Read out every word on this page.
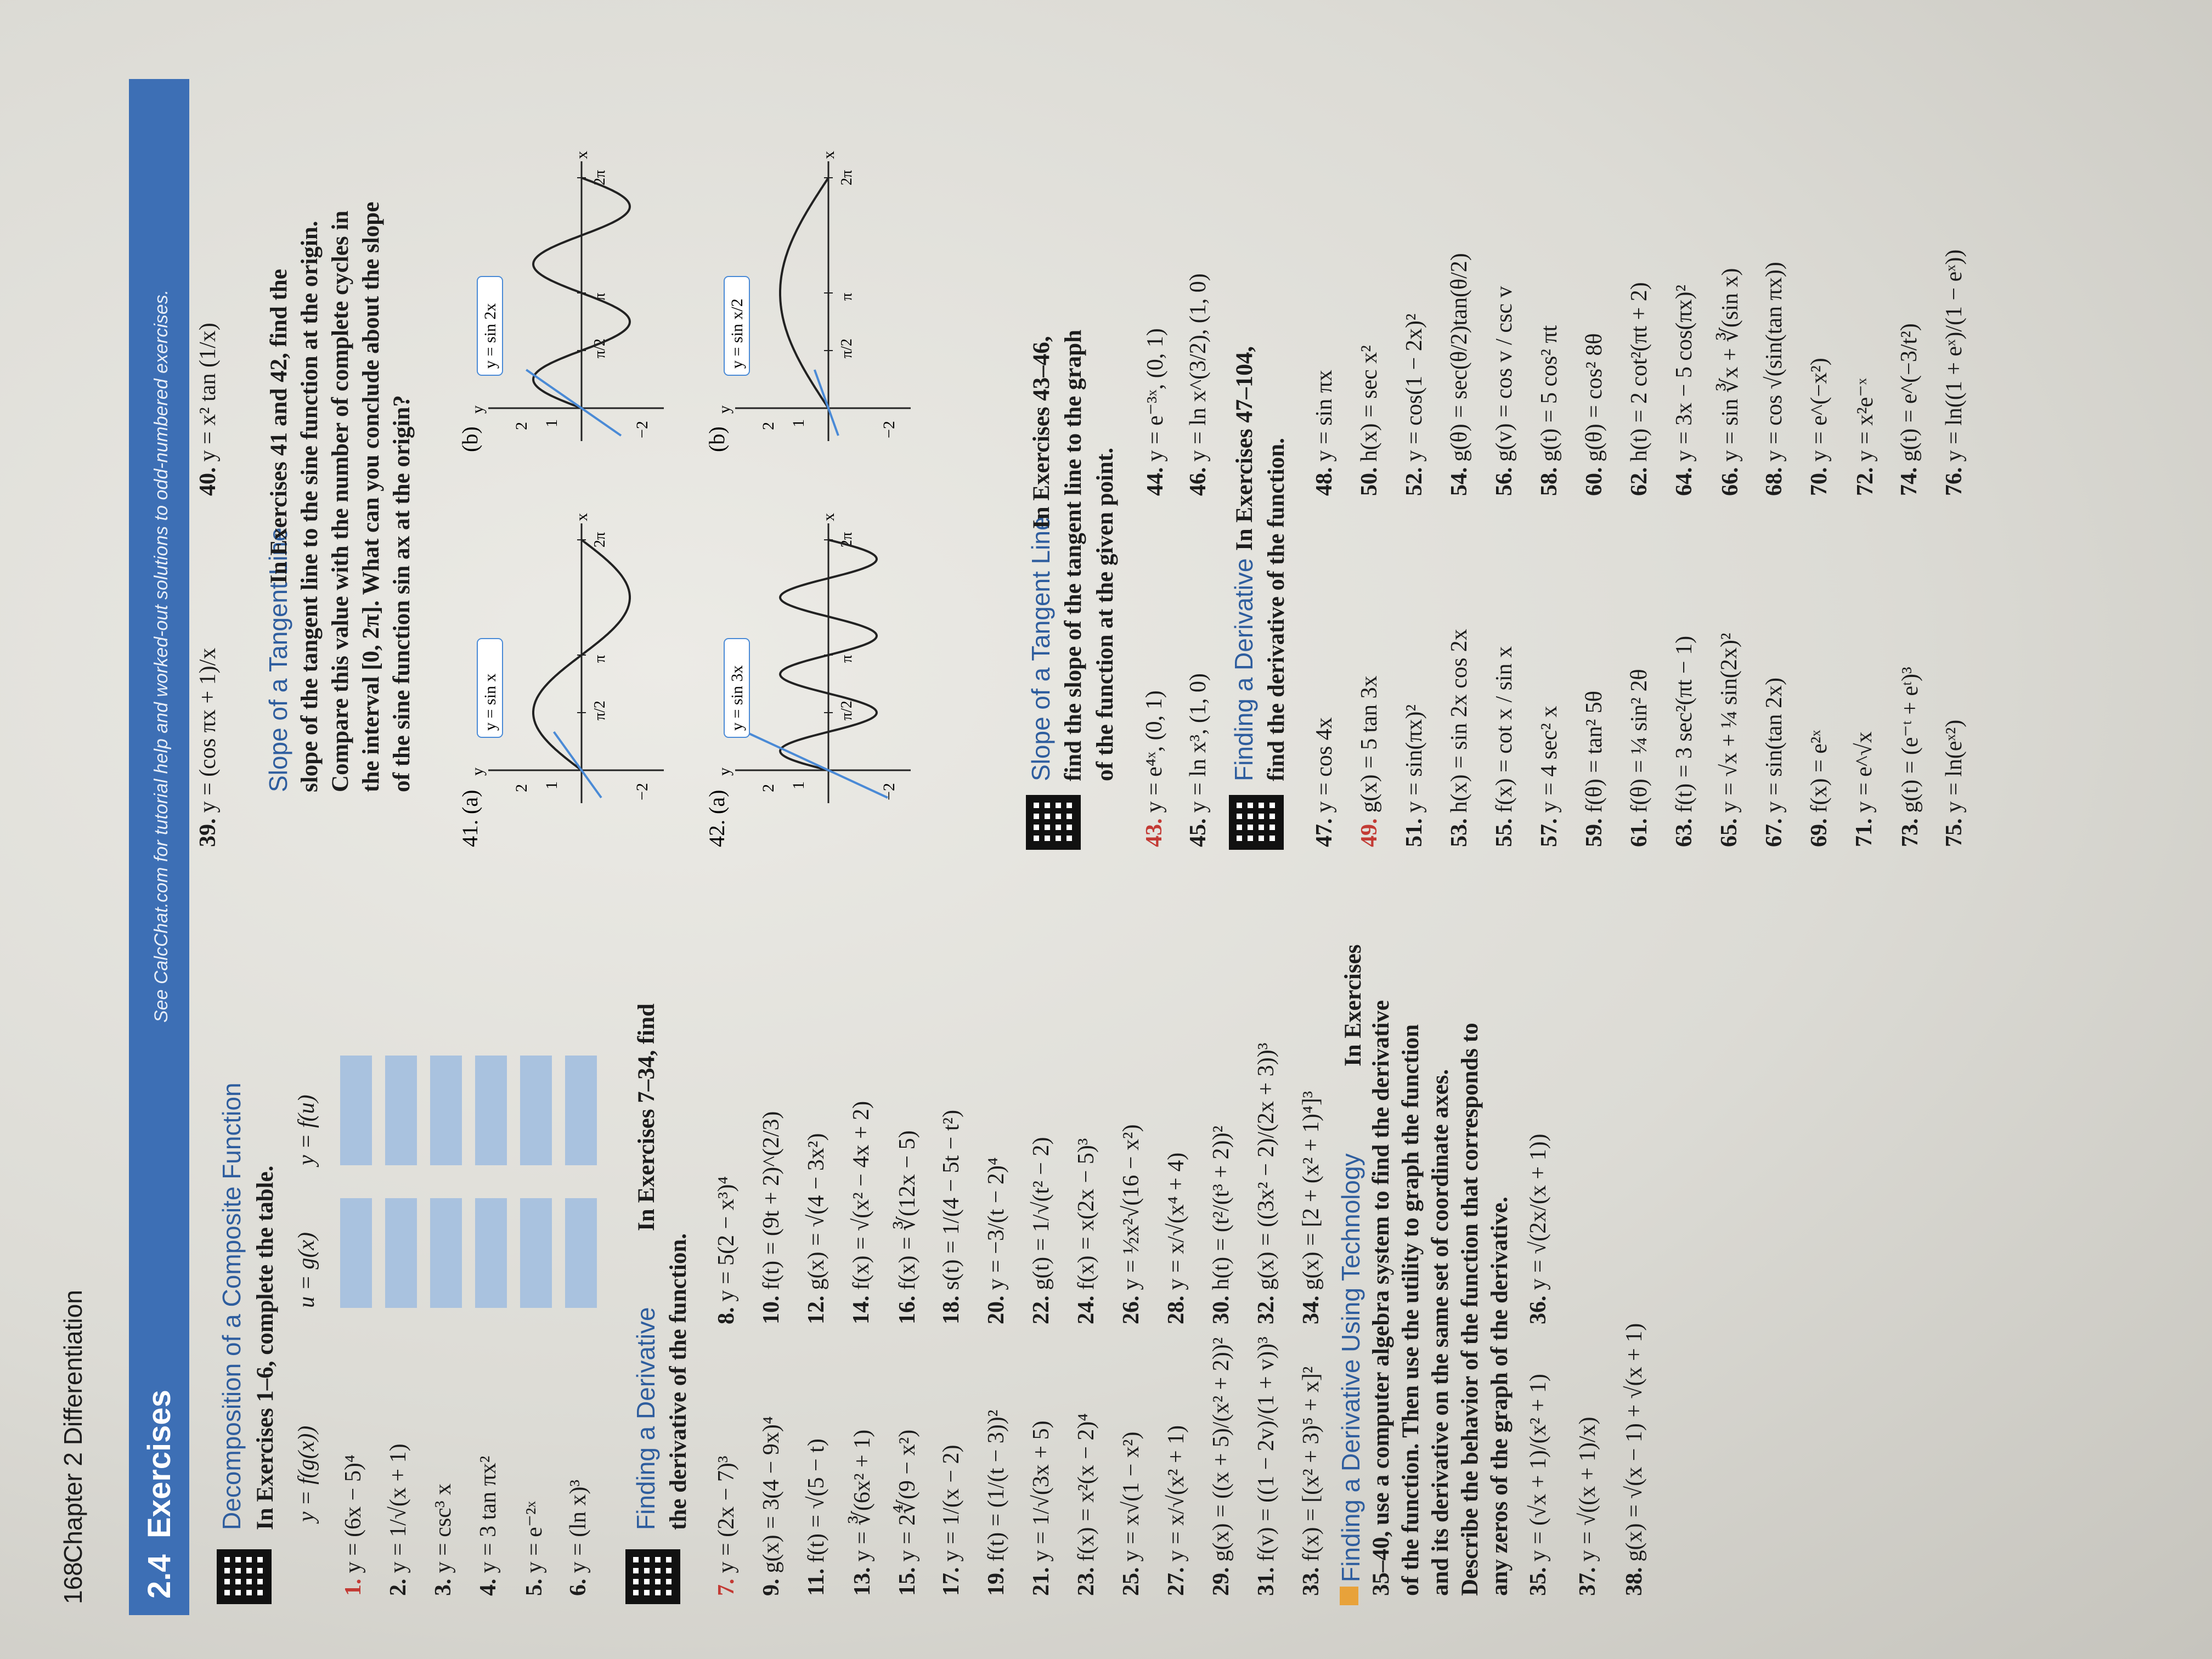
168
Chapter 2 Differentiation
2.4
Exercises
See CalcChat.com for tutorial help and worked-out solutions to odd-numbered exercises.
Decomposition of a Composite Function In Exercises 1–6, complete the table. y = f(g(x))
u = g(x)
y = f(u)
1.y = (6x − 5)⁴
2.y = 1/√(x + 1)
3.y = csc³ x
4.y = 3 tan πx²
5.y = e⁻²ˣ
6.y = (ln x)³ Finding a Derivative
In Exercises 7–34, find
the derivative of the function.
7.y = (2x − 7)³
9.g(x) = 3(4 − 9x)⁴
11.f(t) = √(5 − t)
13.y = ∛(6x² + 1)
15.y = 2∜(9 − x²)
17.y = 1/(x − 2)
19.f(t) = (1/(t − 3))²
21.y = 1/√(3x + 5)
23.f(x) = x²(x − 2)⁴
25.y = x√(1 − x²)
27.y = x/√(x² + 1)
29.g(x) = ((x + 5)/(x² + 2))²
31.f(v) = ((1 − 2v)/(1 + v))³
33.f(x) = [(x² + 3)⁵ + x]²
8.y = 5(2 − x³)⁴
10.f(t) = (9t + 2)^(2/3)
12.g(x) = √(4 − 3x²)
14.f(x) = √(x² − 4x + 2)
16.f(x) = ∛(12x − 5)
18.s(t) = 1/(4 − 5t − t²)
20.y = −3/(t − 2)⁴
22.g(t) = 1/√(t² − 2)
24.f(x) = x(2x − 5)³
26.y = ½x²√(16 − x²)
28.y = x/√(x⁴ + 4)
30.h(t) = (t²/(t³ + 2))²
32.g(x) = ((3x² − 2)/(2x + 3))³
34.g(x) = [2 + (x² + 1)⁴]³ Finding a Derivative Using Technology
In Exercises 35–40, use a computer algebra system to find the derivative of the function. Then use the utility to graph the function and its derivative on the same set of coordinate axes. Describe the behavior of the function that corresponds to any zeros of the graph of the derivative. 35.y = (√x + 1)/(x² + 1)
36.y = √(2x/(x + 1))
37.y = √((x + 1)/x)
38.g(x) = √(x − 1) + √(x + 1)
39.y = (cos πx + 1)/x
40.y = x² tan (1/x)
Slope of a Tangent Line
In Exercises 41 and 42, find the slope of the tangent line to the sine function at the origin. Compare this value with the number of complete cycles in the interval [0, 2π]. What can you conclude about the slope of the sine function sin ax at the origin?
41.
(a)
x
y
2	−2
1
π/2
π
2π
y = sin x
(b)
x
y
2	−2
1
π/2
π
2π
y = sin 2x
42.
(a)
x
y
2	−2
1
π/2
π
2π
y = sin 3x
(b)
x
y
2	−2
1
π/2
π
2π
y = sin x/2
Slope of a Tangent Line
In Exercises 43–46, find the slope of the tangent line to the graph of the function at the given point.
43.y = e⁴ˣ, (0, 1)
44.y = e⁻³ˣ, (0, 1)
45.y = ln x³, (1, 0)
46.y = ln x^(3/2), (1, 0)
Finding a Derivative
In Exercises 47–104, find the derivative of the function.
47.y = cos 4x
49.g(x) = 5 tan 3x
51.y = sin(πx)²
53.h(x) = sin 2x cos 2x
55.f(x) = cot x / sin x
57.y = 4 sec² x
59.f(θ) = tan² 5θ
61.f(θ) = ¼ sin² 2θ
63.f(t) = 3 sec²(πt − 1)
65.y = √x + ¼ sin(2x)²
67.y = sin(tan 2x)
69.f(x) = e²ˣ
71.y = e^√x
73.g(t) = (e⁻ᵗ + eᵗ)³
75.y = ln(eˣ²)
48.y = sin πx
50.h(x) = sec x²
52.y = cos(1 − 2x)²
54.g(θ) = sec(θ/2)tan(θ/2)
56.g(v) = cos v / csc v
58.g(t) = 5 cos² πt
60.g(θ) = cos² 8θ
62.h(t) = 2 cot²(πt + 2)
64.y = 3x − 5 cos(πx)²
66.y = sin ∛x + ∛(sin x)
68.y = cos √(sin(tan πx))
70.y = e^(−x²)
72.y = x²e⁻ˣ
74.g(t) = e^(−3/t²)
76.y = ln((1 + eˣ)/(1 − eˣ))
